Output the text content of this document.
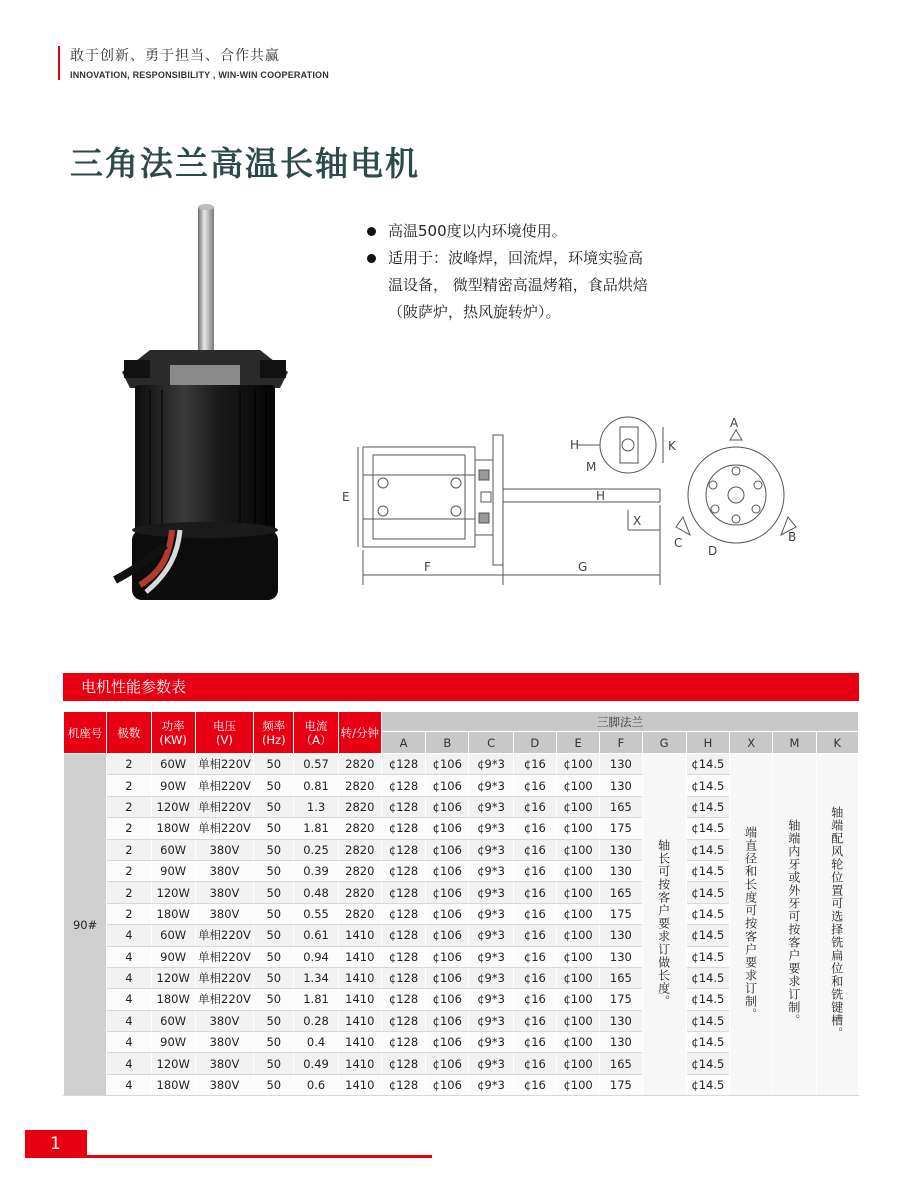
敢于创新、勇于担当、合作共赢
INNOVATION, RESPONSIBILITY , WIN-WIN COOPERATION
三角法兰高温长轴电机
高温500度以内环境使用。
适用于：波峰焊，回流焊，环境实验高温设备， 微型精密高温烤箱，食品烘焙（陂萨炉，热风旋转炉）。
E
F	G
H
X
H
M
K
A
B
C
D
电机性能参数表
机座号	极数	功率(KW)	电压(V)	频率(Hz)	电流（A）	转/分钟	三脚法兰										
							A	B	C	D	E	F	G	H	X	M	K
90#	2	60W	单相220V	50	0.57	2820	¢128	¢106	¢9*3	¢16	¢100	130	轴长可按客户要求订做长度。	¢14.5	端直径和长度可按客户要求订制。	轴端内牙或外牙可按客户要求订制。	轴端配风轮位置可选择铣扁位和铣键槽。
	2	90W	单相220V	50	0.81	2820	¢128	¢106	¢9*3	¢16	¢100	130		¢14.5			
	2	120W	单相220V	50	1.3	2820	¢128	¢106	¢9*3	¢16	¢100	165		¢14.5			
	2	180W	单相220V	50	1.81	2820	¢128	¢106	¢9*3	¢16	¢100	175		¢14.5			
	2	60W	380V	50	0.25	2820	¢128	¢106	¢9*3	¢16	¢100	130		¢14.5			
	2	90W	380V	50	0.39	2820	¢128	¢106	¢9*3	¢16	¢100	130		¢14.5			
	2	120W	380V	50	0.48	2820	¢128	¢106	¢9*3	¢16	¢100	165		¢14.5			
	2	180W	380V	50	0.55	2820	¢128	¢106	¢9*3	¢16	¢100	175		¢14.5			
	4	60W	单相220V	50	0.61	1410	¢128	¢106	¢9*3	¢16	¢100	130		¢14.5			
	4	90W	单相220V	50	0.94	1410	¢128	¢106	¢9*3	¢16	¢100	130		¢14.5			
	4	120W	单相220V	50	1.34	1410	¢128	¢106	¢9*3	¢16	¢100	165		¢14.5			
	4	180W	单相220V	50	1.81	1410	¢128	¢106	¢9*3	¢16	¢100	175		¢14.5			
	4	60W	380V	50	0.28	1410	¢128	¢106	¢9*3	¢16	¢100	130		¢14.5			
	4	90W	380V	50	0.4	1410	¢128	¢106	¢9*3	¢16	¢100	130		¢14.5			
	4	120W	380V	50	0.49	1410	¢128	¢106	¢9*3	¢16	¢100	165		¢14.5			
	4	180W	380V	50	0.6	1410	¢128	¢106	¢9*3	¢16	¢100	175		¢14.5			
1
